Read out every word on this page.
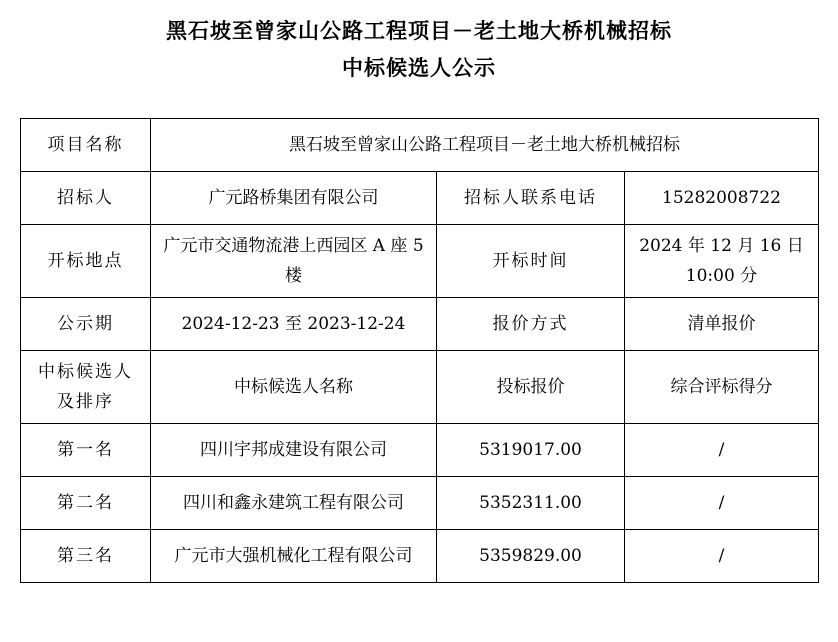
黑石坡至曾家山公路工程项目－老土地大桥机械招标
中标候选人公示
项目名称	黑石坡至曾家山公路工程项目－老土地大桥机械招标		
招标人	广元路桥集团有限公司	招标人联系电话	15282008722
开标地点	广元市交通物流港上西园区 A 座 5 楼	开标时间	2024 年 12 月 16 日 10:00 分
公示期	2024-12-23 至 2023-12-24	报价方式	清单报价
中标候选人及排序	中标候选人名称	投标报价	综合评标得分
第一名	四川宇邦成建设有限公司	5319017.00	/
第二名	四川和鑫永建筑工程有限公司	5352311.00	/
第三名	广元市大强机械化工程有限公司	5359829.00	/
